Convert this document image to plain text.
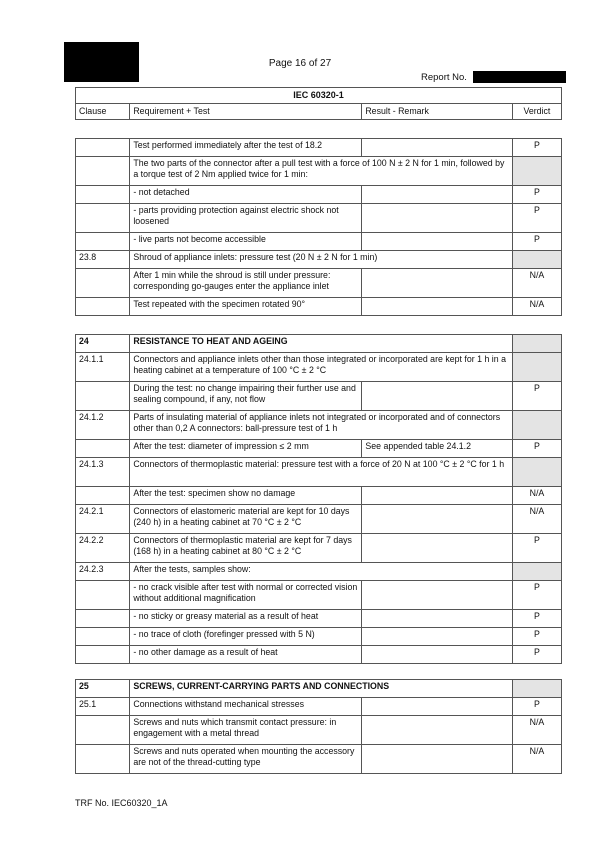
Page 16 of 27
Report No.
IEC 60320-1
Clause	Requirement + Test	Result - Remark	Verdict
	Test performed immediately after the test of 18.2		P
	The two parts of the connector after a pull test with a force of 100 N ± 2 N for 1 min, followed by a torque test of 2 Nm applied twice for 1 min:		
	- not detached		P
	- parts providing protection against electric shock not loosened		P
	- live parts not become accessible		P
23.8	Shroud of appliance inlets: pressure test (20 N ± 2 N for 1 min)		
	After 1 min while the shroud is still under pressure: corresponding go-gauges enter the appliance inlet		N/A
	Test repeated with the specimen rotated 90°		N/A
24	RESISTANCE TO HEAT AND AGEING		
24.1.1	Connectors and appliance inlets other than those integrated or incorporated are kept for 1 h in a heating cabinet at a temperature of 100 °C ± 2 °C		
	During the test: no change impairing their further use and sealing compound, if any, not flow		P
24.1.2	Parts of insulating material of appliance inlets not integrated or incorporated and of connectors other than 0,2 A connectors: ball-pressure test of 1 h		
	After the test: diameter of impression ≤ 2 mm	See appended table 24.1.2	P
24.1.3	Connectors of thermoplastic material: pressure test with a force of 20 N at 100 °C ± 2 °C for 1 h		
	After the test: specimen show no damage		N/A
24.2.1	Connectors of elastomeric material are kept for 10 days (240 h) in a heating cabinet at 70 °C ± 2 °C		N/A
24.2.2	Connectors of thermoplastic material are kept for 7 days (168 h) in a heating cabinet at 80 °C ± 2 °C		P
24.2.3	After the tests, samples show:		
	- no crack visible after test with normal or corrected vision without additional magnification		P
	- no sticky or greasy material as a result of heat		P
	- no trace of cloth (forefinger pressed with 5 N)		P
	- no other damage as a result of heat		P
25	SCREWS, CURRENT-CARRYING PARTS AND CONNECTIONS		
25.1	Connections withstand mechanical stresses		P
	Screws and nuts which transmit contact pressure: in engagement with a metal thread		N/A
	Screws and nuts operated when mounting the accessory are not of the thread-cutting type		N/A
TRF No. IEC60320_1A
